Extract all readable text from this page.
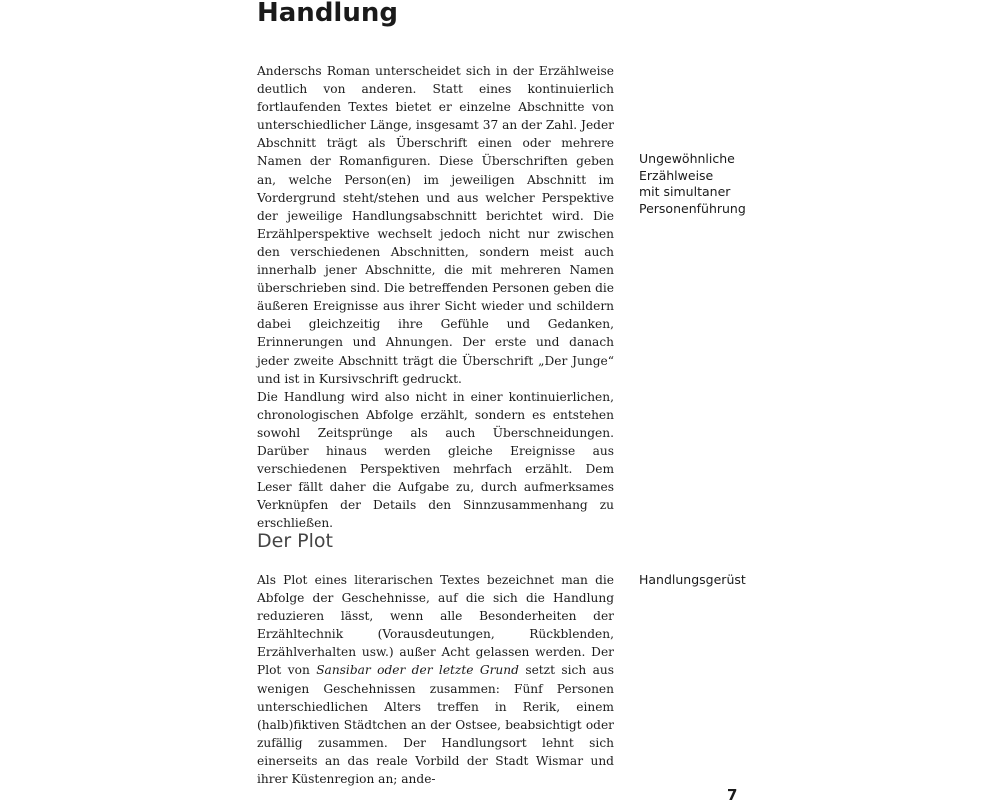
Handlung

Anderschs Roman unterscheidet sich in der Erzählweise deutlich von anderen. Statt eines kontinuierlich fortlaufenden Textes bietet er einzelne Abschnitte von unterschiedlicher Länge, insgesamt 37 an der Zahl. Jeder Abschnitt trägt als Überschrift einen oder mehrere Namen der Romanfiguren. Diese Überschriften geben an, welche Person(en) im jeweiligen Abschnitt im Vordergrund steht/stehen und aus welcher Perspektive der jeweilige Handlungsabschnitt berichtet wird. Die Erzählperspektive wechselt jedoch nicht nur zwischen den verschiedenen Abschnitten, sondern meist auch innerhalb jener Abschnitte, die mit mehreren Namen überschrieben sind. Die betreffenden Personen geben die äußeren Ereignisse aus ihrer Sicht wieder und schildern dabei gleichzeitig ihre Gefühle und Gedanken, Erinnerungen und Ahnungen. Der erste und danach jeder zweite Abschnitt trägt die Überschrift „Der Junge“ und ist in Kursivschrift gedruckt.

Die Handlung wird also nicht in einer kontinuierlichen, chronologischen Abfolge erzählt, sondern es entstehen sowohl Zeitsprünge als auch Überschneidungen. Darüber hinaus werden gleiche Ereignisse aus verschiedenen Perspektiven mehrfach erzählt. Dem Leser fällt daher die Aufgabe zu, durch aufmerksames Verknüpfen der Details den Sinnzusammenhang zu erschließen.

Ungewöhnliche
Erzählweise
mit simultaner
Personenführung
Der Plot

Als Plot eines literarischen Textes bezeichnet man die Abfolge der Geschehnisse, auf die sich die Handlung reduzieren lässt, wenn alle Besonderheiten der Erzähltechnik (Vorausdeutungen, Rückblenden, Erzählverhalten usw.) außer Acht gelassen werden. Der Plot von Sansibar oder der letzte Grund setzt sich aus wenigen Geschehnissen zusammen: Fünf Personen unterschiedlichen Alters treffen in Rerik, einem (halb)fiktiven Städtchen an der Ostsee, beabsichtigt oder zufällig zusammen. Der Handlungsort lehnt sich einerseits an das reale Vorbild der Stadt Wismar und ihrer Küstenregion an; ande-

Handlungsgerüst
7
